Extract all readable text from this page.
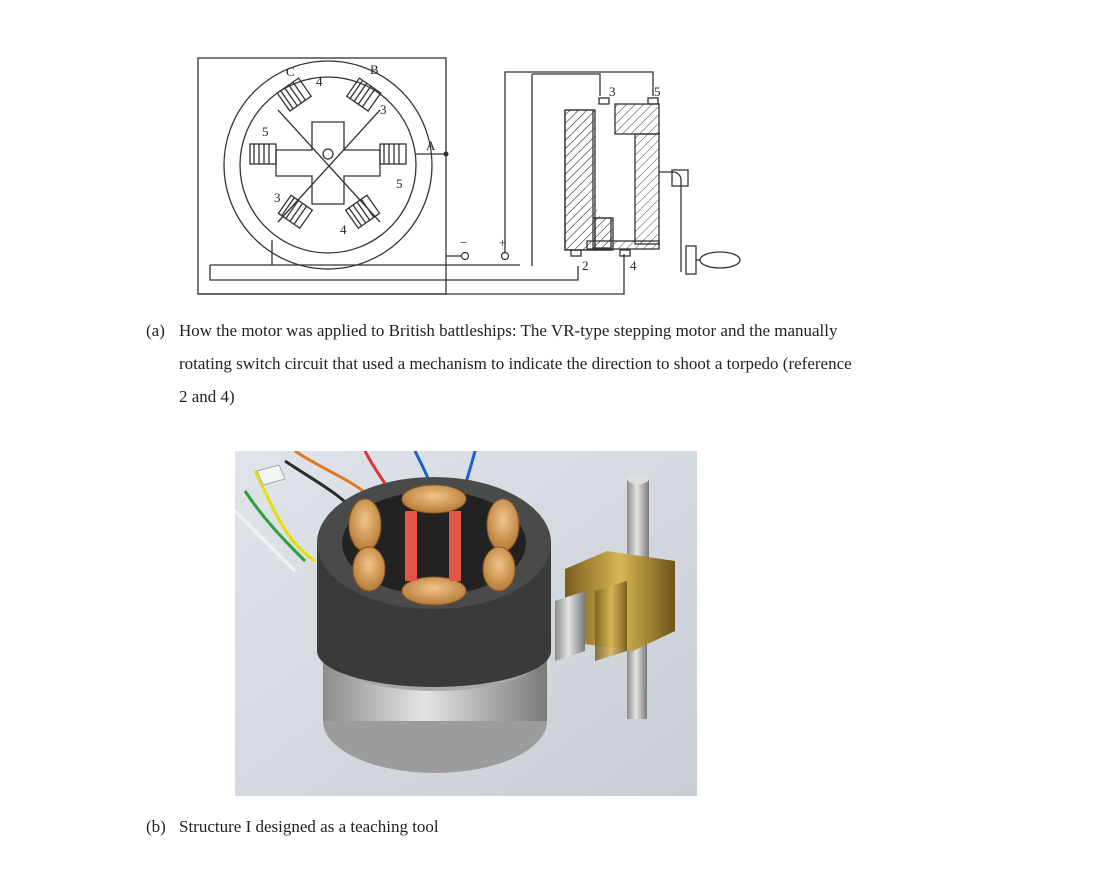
C	B
A
4
3
5
5
3
4
− +
3	5
2	4
(a) How the motor was applied to British battleships: The VR-type stepping motor and the manually
rotating switch circuit that used a mechanism to indicate the direction to shoot a torpedo (reference
2 and 4)
(b) Structure I designed as a teaching tool
